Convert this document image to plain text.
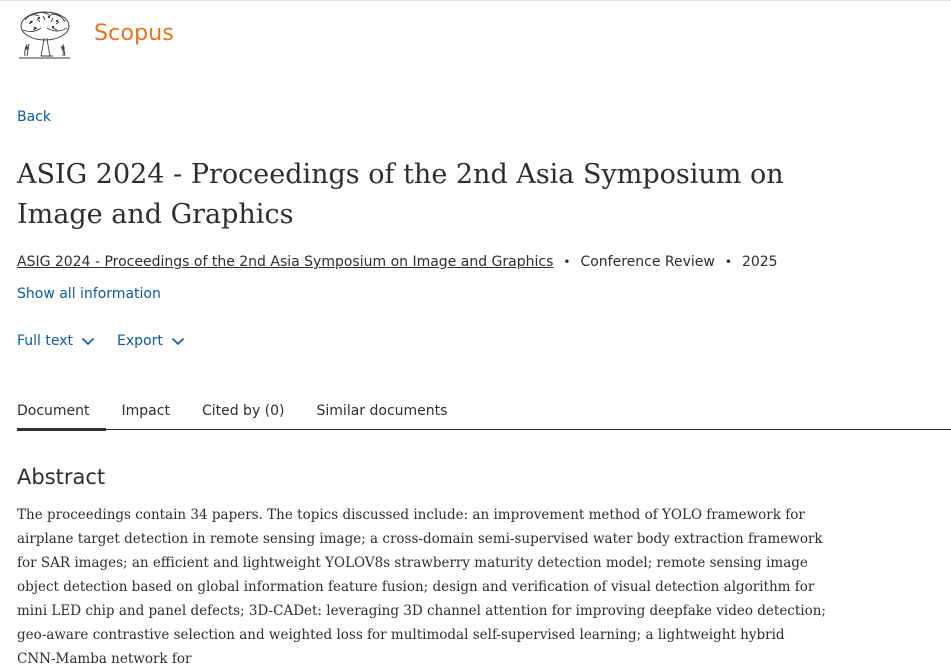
Scopus
Back
ASIG 2024 - Proceedings of the 2nd Asia Symposium on Image and Graphics
ASIG 2024 - Proceedings of the 2nd Asia Symposium on Image and Graphics • Conference Review • 2025
Show all information
Full text	Export
Document	Impact	Cited by (0)	Similar documents
Abstract

The proceedings contain 34 papers. The topics discussed include: an improvement method of YOLO framework for airplane target detection in remote sensing image; a cross-domain semi-supervised water body extraction framework for SAR images; an efficient and lightweight YOLOV8s strawberry maturity detection model; remote sensing image object detection based on global information feature fusion; design and verification of visual detection algorithm for mini LED chip and panel defects; 3D-CADet: leveraging 3D channel attention for improving deepfake video detection; geo-aware contrastive selection and weighted loss for multimodal self-supervised learning; a lightweight hybrid CNN-Mamba network for
